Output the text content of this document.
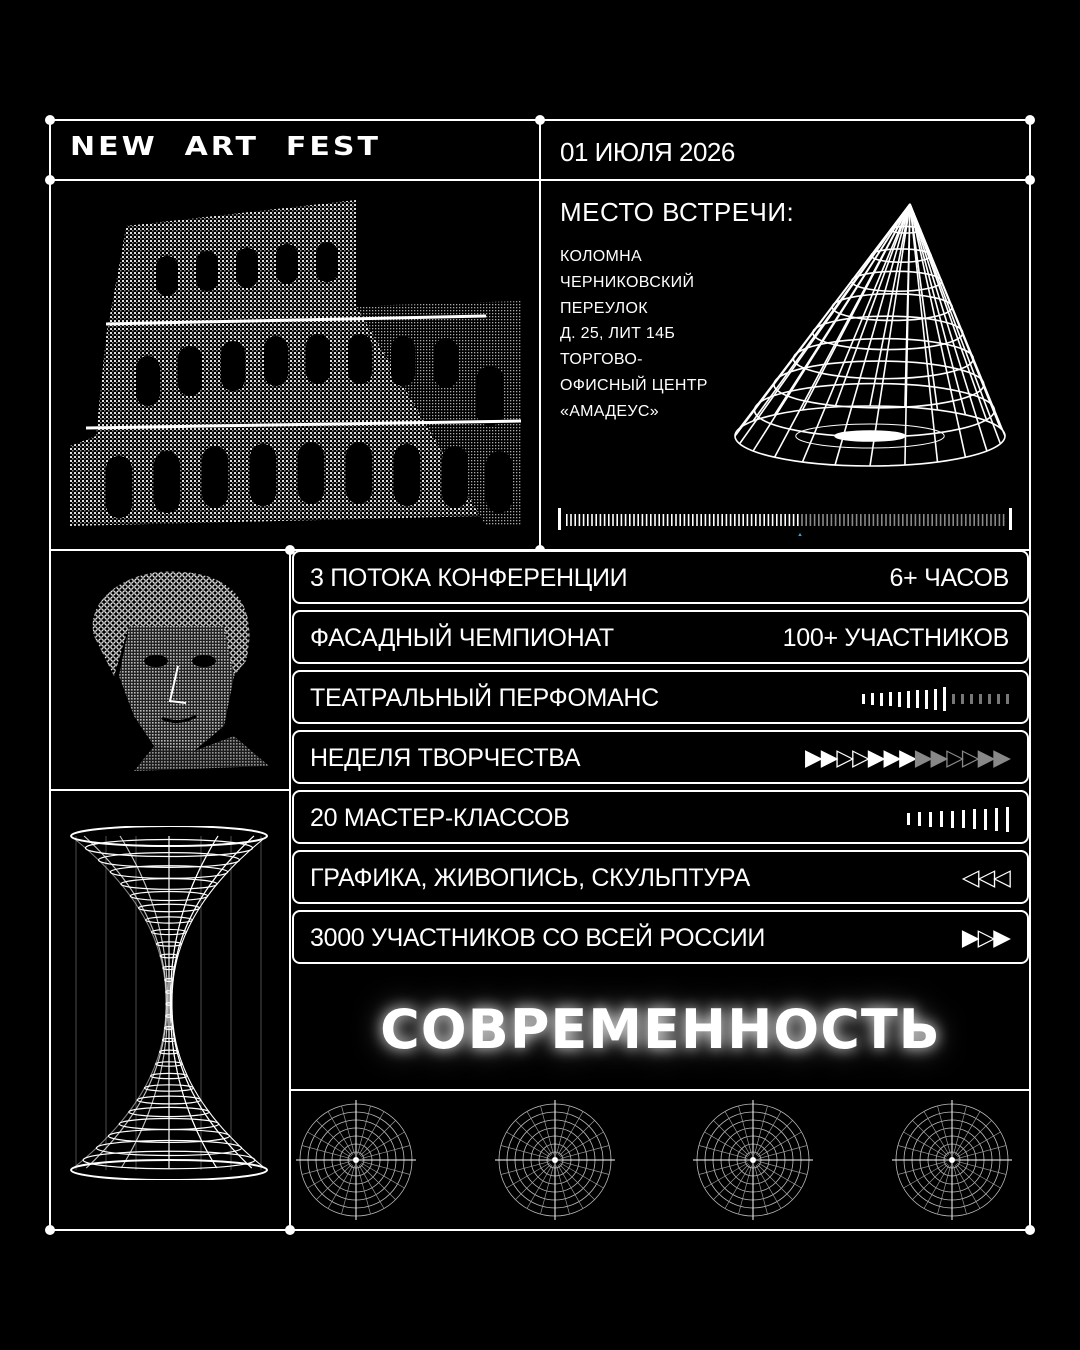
NEW  ART  FEST	01 ИЮЛЯ 2026
МЕСТО ВСТРЕЧИ:
КОЛОМНА
ЧЕРНИКОВСКИЙ
ПЕРЕУЛОК
Д. 25, ЛИТ 14Б
ТОРГОВО-
ОФИСНЫЙ ЦЕНТР
«АМАДЕУС»
3 ПОТОКА КОНФЕРЕНЦИИ	6+ ЧАСОВ
ФАСАДНЫЙ ЧЕМПИОНАТ	100+ УЧАСТНИКОВ
ТЕАТРАЛЬНЫЙ ПЕРФОМАНС
НЕДЕЛЯ ТВОРЧЕСТВА	▶▶▷▷▶▶▶▶▶▷▷▶▶
20 МАСТЕР-КЛАССОВ
ГРАФИКА, ЖИВОПИСЬ, СКУЛЬПТУРА	◁◁◁
3000 УЧАСТНИКОВ СО ВСЕЙ РОССИИ	▶▷▶
СОВРЕМЕННОСТЬ
